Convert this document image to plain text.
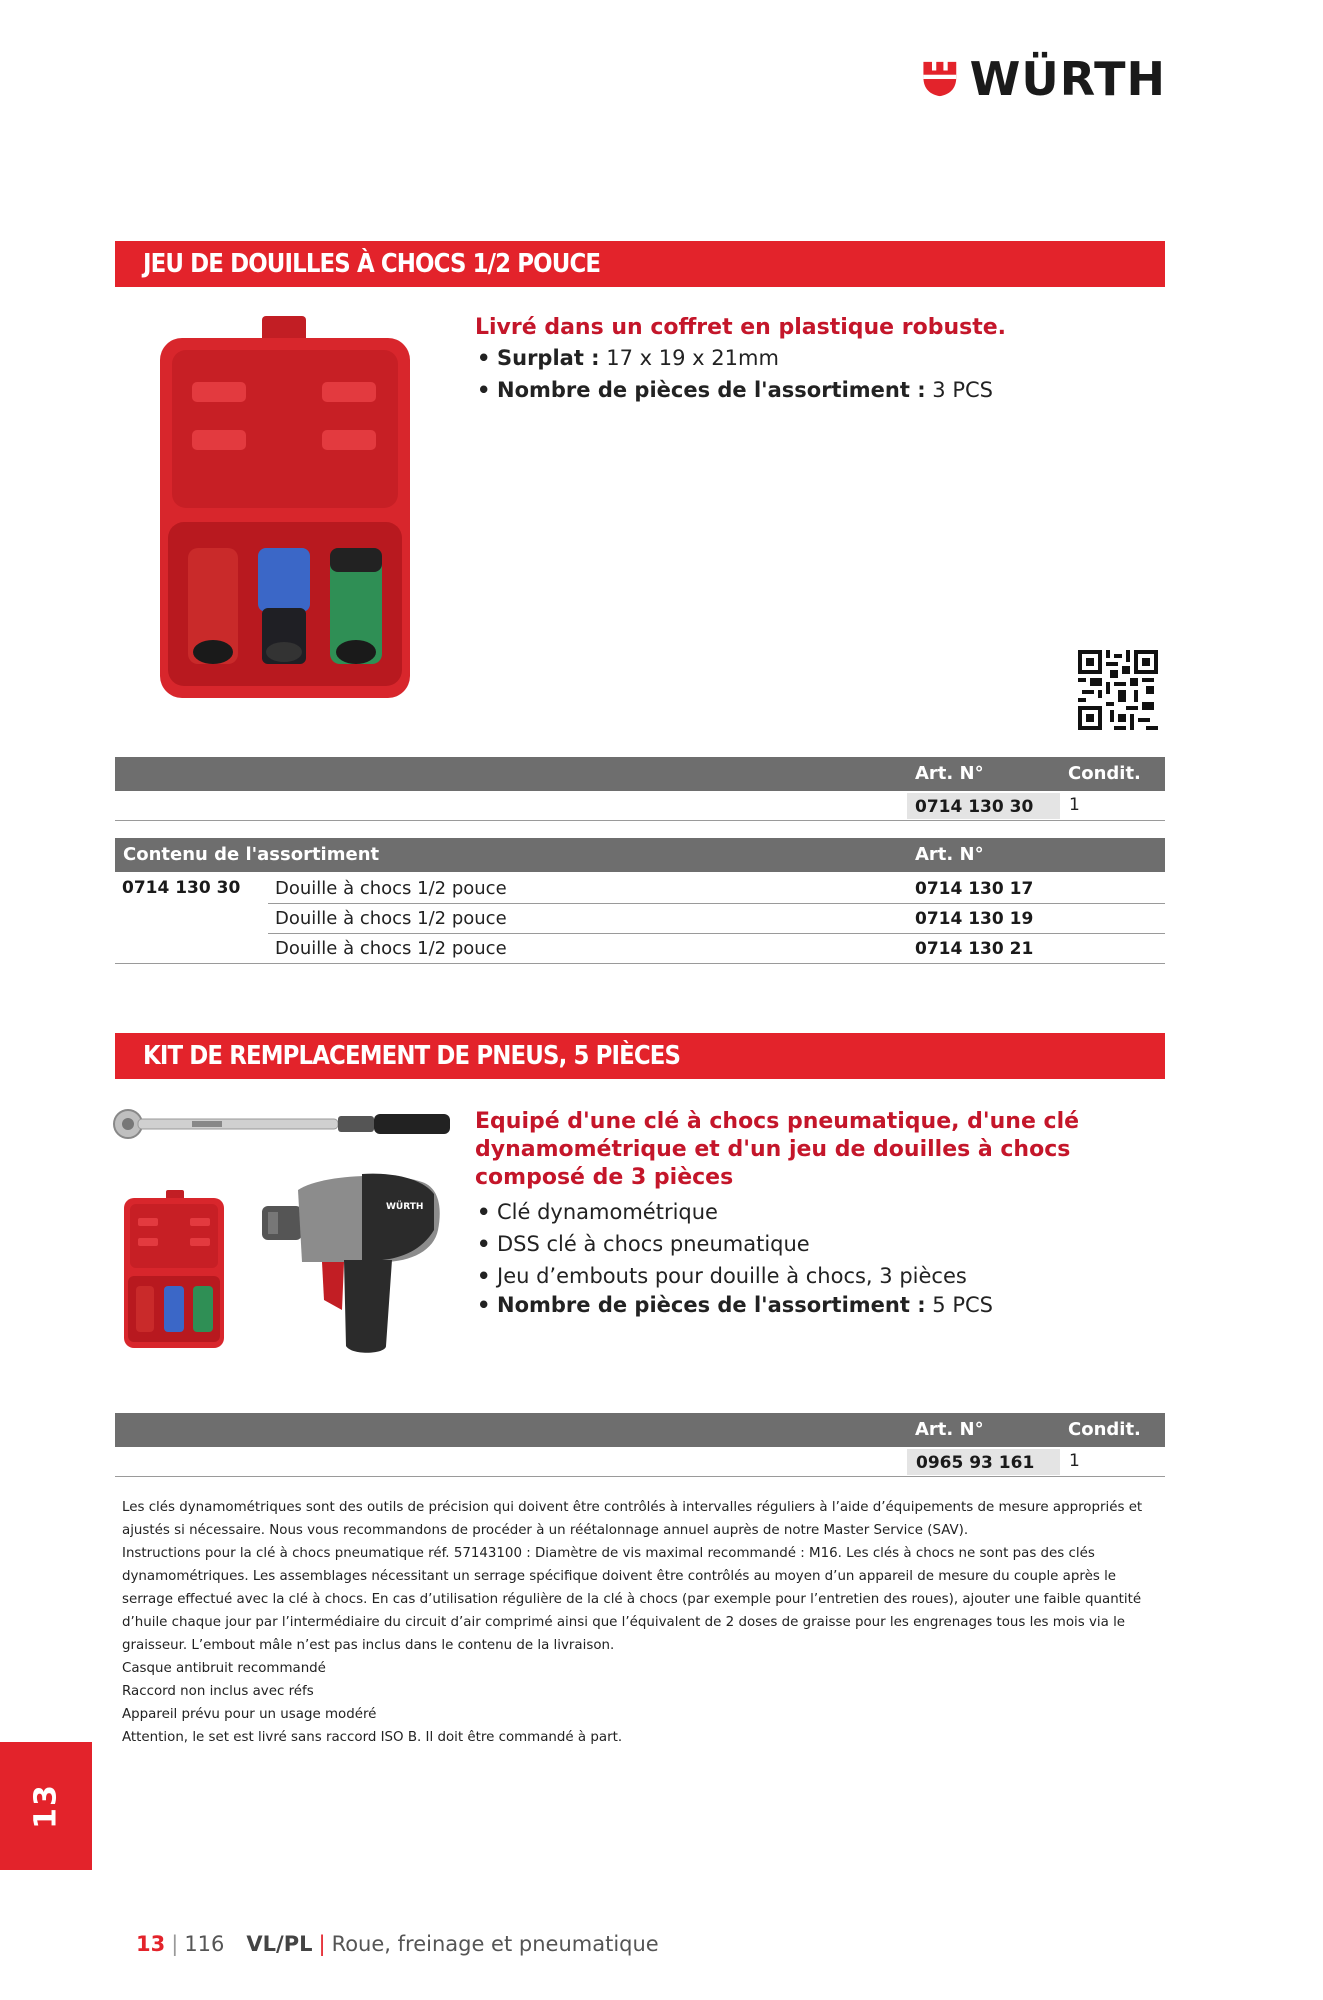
WÜRTH
JEU DE DOUILLES À CHOCS 1/2 POUCE
Livré dans un coffret en plastique robuste.
• Surplat : 17 x 19 x 21mm
• Nombre de pièces de l'assortiment : 3 PCS
Art. N°	Condit.
0714 130 30 1
Contenu de l'assortiment	Art. N°
0714 130 30 Douille à chocs 1/2 pouce	0714 130 17
Douille à chocs 1/2 pouce	0714 130 19
Douille à chocs 1/2 pouce	0714 130 21
KIT DE REMPLACEMENT DE PNEUS, 5 PIÈCES
WÜRTH
Equipé d'une clé à chocs pneumatique, d'une clé dynamométrique et d'un jeu de douilles à chocs composé de 3 pièces
• Clé dynamométrique
• DSS clé à chocs pneumatique
• Jeu d’embouts pour douille à chocs, 3 pièces
• Nombre de pièces de l'assortiment : 5 PCS
Art. N°	Condit.
0965 93 161 1

Les clés dynamométriques sont des outils de précision qui doivent être contrôlés à intervalles réguliers à l’aide d’équipements de mesure appropriés et ajustés si nécessaire. Nous vous recommandons de procéder à un réétalonnage annuel auprès de notre Master Service (SAV).

Instructions pour la clé à chocs pneumatique réf. 57143100 : Diamètre de vis maximal recommandé : M16. Les clés à chocs ne sont pas des clés dynamométriques. Les assemblages nécessitant un serrage spécifique doivent être contrôlés au moyen d’un appareil de mesure du couple après le serrage effectué avec la clé à chocs. En cas d’utilisation régulière de la clé à chocs (par exemple pour l’entretien des roues), ajouter une faible quantité d’huile chaque jour par l’intermédiaire du circuit d’air comprimé ainsi que l’équivalent de 2 doses de graisse pour les engrenages tous les mois via le graisseur. L’embout mâle n’est pas inclus dans le contenu de la livraison.

Casque antibruit recommandé

Raccord non inclus avec réfs

Appareil prévu pour un usage modéré

Attention, le set est livré sans raccord ISO B. Il doit être commandé à part.

13
13 | 116 VL/PL | Roue, freinage et pneumatique
